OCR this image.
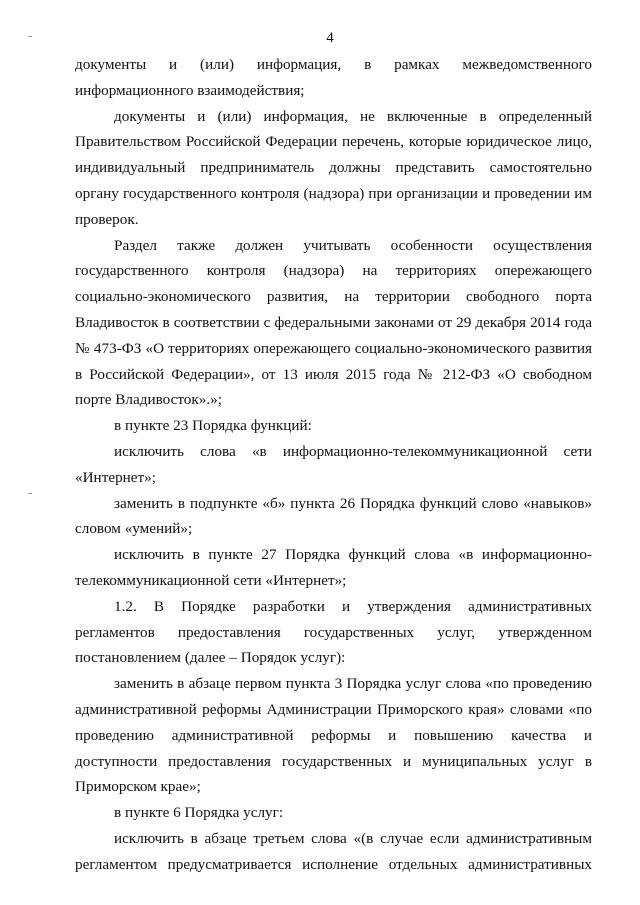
4

документы и (или) информация, в рамках межведомственного информационного взаимодействия;

документы и (или) информация, не включенные в определенный Правительством Российской Федерации перечень, которые юридическое лицо, индивидуальный предприниматель должны представить самостоятельно органу государственного контроля (надзора) при организации и проведении им проверок.

Раздел также должен учитывать особенности осуществления государственного контроля (надзора) на территориях опережающего социально-экономического развития, на территории свободного порта Владивосток в соответствии с федеральными законами от 29 декабря 2014 года № 473-ФЗ «О территориях опережающего социально-экономического развития в Российской Федерации», от 13 июля 2015 года № 212-ФЗ «О свободном порте Владивосток».»;

в пункте 23 Порядка функций:

исключить слова «в информационно-телекоммуникационной сети «Интернет»;

заменить в подпункте «б» пункта 26 Порядка функций слово «навыков» словом «умений»;

исключить в пункте 27 Порядка функций слова «в информационно-телекоммуникационной сети «Интернет»;

1.2. В Порядке разработки и утверждения административных регламентов предоставления государственных услуг, утвержденном постановлением (далее – Порядок услуг):

заменить в абзаце первом пункта 3 Порядка услуг слова «по проведению административной реформы Администрации Приморского края» словами «по проведению административной реформы и повышению качества и доступности предоставления государственных и муниципальных услуг в Приморском крае»;

в пункте 6 Порядка услуг:

исключить в абзаце третьем слова «(в случае если административным регламентом предусматривается исполнение отдельных административных
